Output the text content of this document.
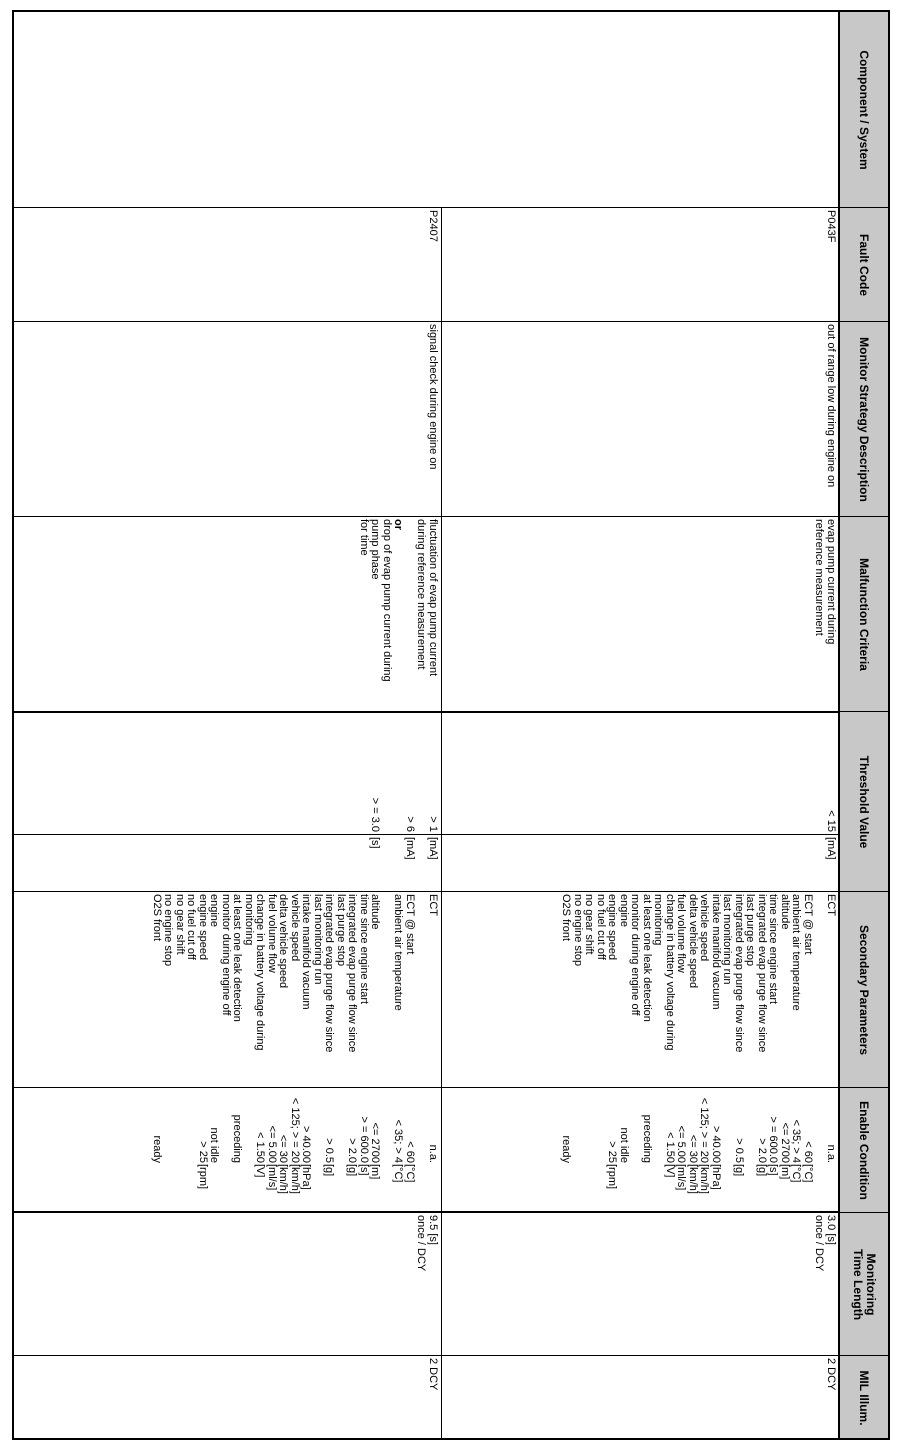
Component / System
Fault Code
Monitor Strategy Description
Malfunction Criteria
Threshold Value
Secondary Parameters
Enable Condition
Monitoring
Time Length
MIL Illum.
P043F
out of range low during engine on
evap pump current during
reference measurement
< 15
[mA]
ECT
ECT @ start
ambient air temperature
altitude
time since engine start
integrated evap purge flow since
last purge stop
integrated evap purge flow since
last monitoring run
intake manifold vacuum
vehicle speed
delta vehicle speed
fuel volume flow
change in battery voltage during
monitoring
at least one leak detection
monitor during engine off
engine
engine speed
no fuel cut off
no gear shift
no engine stop
O2S front
n.a.
< 60
< 35; > 4
<= 2700
> = 600.0
> 2.0
> 0.5
> 40.00
< 125; > = 20
<= 30
<= 5.00
< 1.50
preceding
not idle
> 25
ready
[°C]
[°C]
[m]
[s]
[g]
[g]
[hPa]
[km/h]
[km/h]
[ml/s]
[V]
[rpm]
3.0 [s]
once / DCY
2 DCY
P2407
signal check during engine on
fluctuation of evap pump current
during reference measurement
or
drop of evap pump current during
pump phase
for time
> 1
> 6
> = 3.0
[mA]
[mA]
[s]
ECT
ECT @ start
ambient air temperature
altitude
time since engine start
integrated evap purge flow since
last purge stop
integrated evap purge flow since
last monitoring run
intake manifold vacuum
vehicle speed
delta vehicle speed
fuel volume flow
change in battery voltage during
monitoring
at least one leak detection
monitor during engine off
engine
engine speed
no fuel cut off
no gear shift
no engine stop
O2S front
n.a.
< 60
< 35; > 4
<= 2700
> = 600.0
> 2.0
> 0.5
> 40.00
< 125; > = 20
<= 30
<= 5.00
< 1.50
preceding
not idle
> 25
ready
[°C]
[°C]
[m]
[s]
[g]
[g]
[hPa]
[km/h]
[km/h]
[ml/s]
[V]
[rpm]
9.5 [s]
once / DCY
2 DCY
